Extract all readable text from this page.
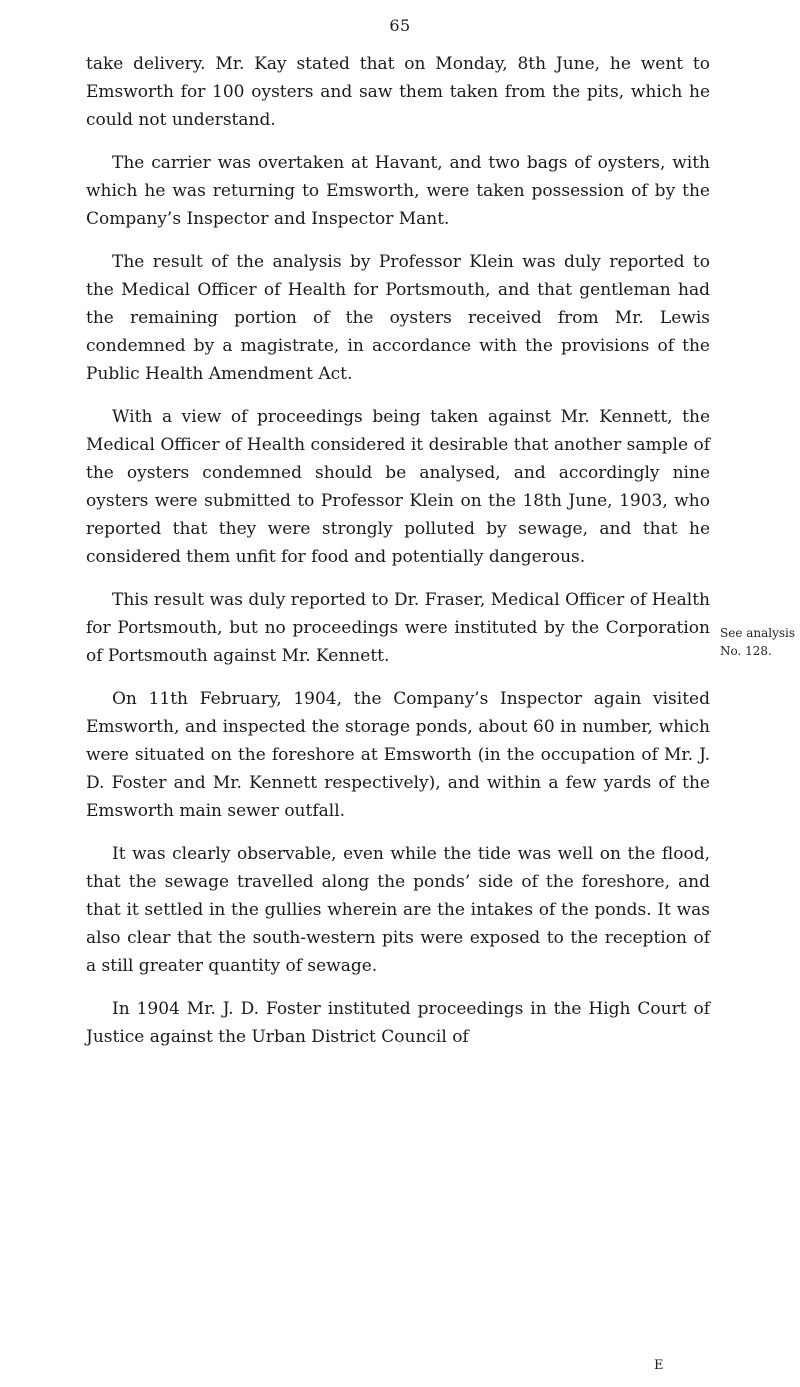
65

take delivery. Mr. Kay stated that on Monday, 8th June, he went to Emsworth for 100 oysters and saw them taken from the pits, which he could not understand.

The carrier was overtaken at Havant, and two bags of oysters, with which he was returning to Emsworth, were taken possession of by the Company’s Inspector and Inspector Mant.

The result of the analysis by Professor Klein was duly reported to the Medical Officer of Health for Portsmouth, and that gentleman had the remaining portion of the oysters received from Mr. Lewis condemned by a magistrate, in accordance with the provisions of the Public Health Amendment Act.

With a view of proceedings being taken against Mr. Kennett, the Medical Officer of Health considered it desirable that another sample of the oysters condemned should be analysed, and accordingly nine oysters were submitted to Professor Klein on the 18th June, 1903, who reported that they were strongly polluted by sewage, and that he considered them unfit for food and potentially dangerous.

This result was duly reported to Dr. Fraser, Medical Officer of Health for Portsmouth, but no proceedings were instituted by the Corporation of Portsmouth against Mr. Kennett.

On 11th February, 1904, the Company’s Inspector again visited Emsworth, and inspected the storage ponds, about 60 in number, which were situated on the foreshore at Emsworth (in the occupation of Mr. J. D. Foster and Mr. Kennett respectively), and within a few yards of the Emsworth main sewer outfall.

It was clearly observable, even while the tide was well on the flood, that the sewage travelled along the ponds’ side of the foreshore, and that it settled in the gullies wherein are the intakes of the ponds. It was also clear that the south-western pits were exposed to the reception of a still greater quantity of sewage.

In 1904 Mr. J. D. Foster instituted proceedings in the High Court of Justice against the Urban District Council of

See analysis
No. 128.
E
